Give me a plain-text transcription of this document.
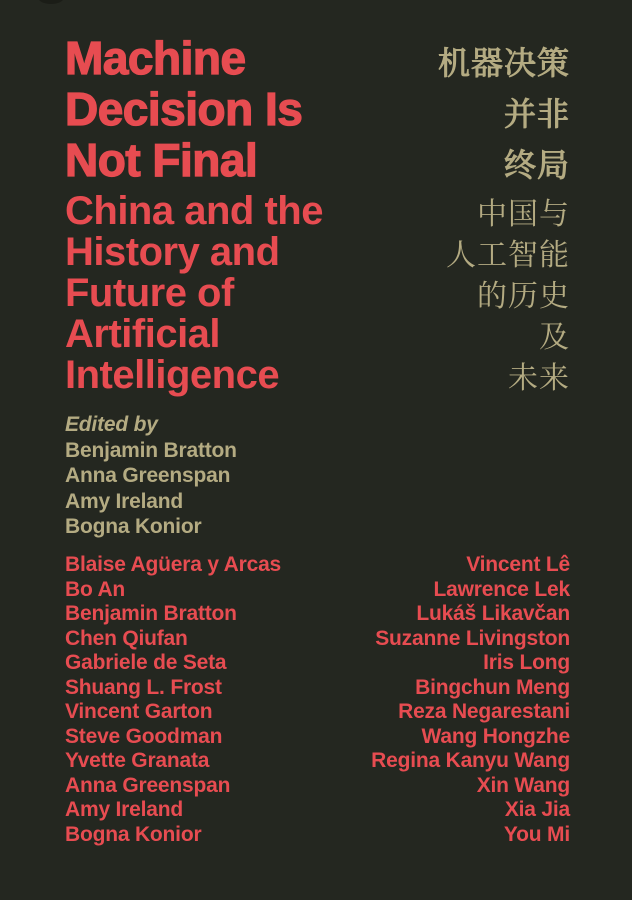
Machine
Decision Is
Not Final
机器决策
并非
终局
China and the
History and
Future of
Artificial
Intelligence
中国与
人工智能
的历史
及
未来
Edited by
Benjamin Bratton
Anna Greenspan
Amy Ireland
Bogna Konior
Blaise Agüera y Arcas
Bo An
Benjamin Bratton
Chen Qiufan
Gabriele de Seta
Shuang L. Frost
Vincent Garton
Steve Goodman
Yvette Granata
Anna Greenspan
Amy Ireland
Bogna Konior
Vincent Lê
Lawrence Lek
Lukáš Likavčan
Suzanne Livingston
Iris Long
Bingchun Meng
Reza Negarestani
Wang Hongzhe
Regina Kanyu Wang
Xin Wang
Xia Jia
You Mi
